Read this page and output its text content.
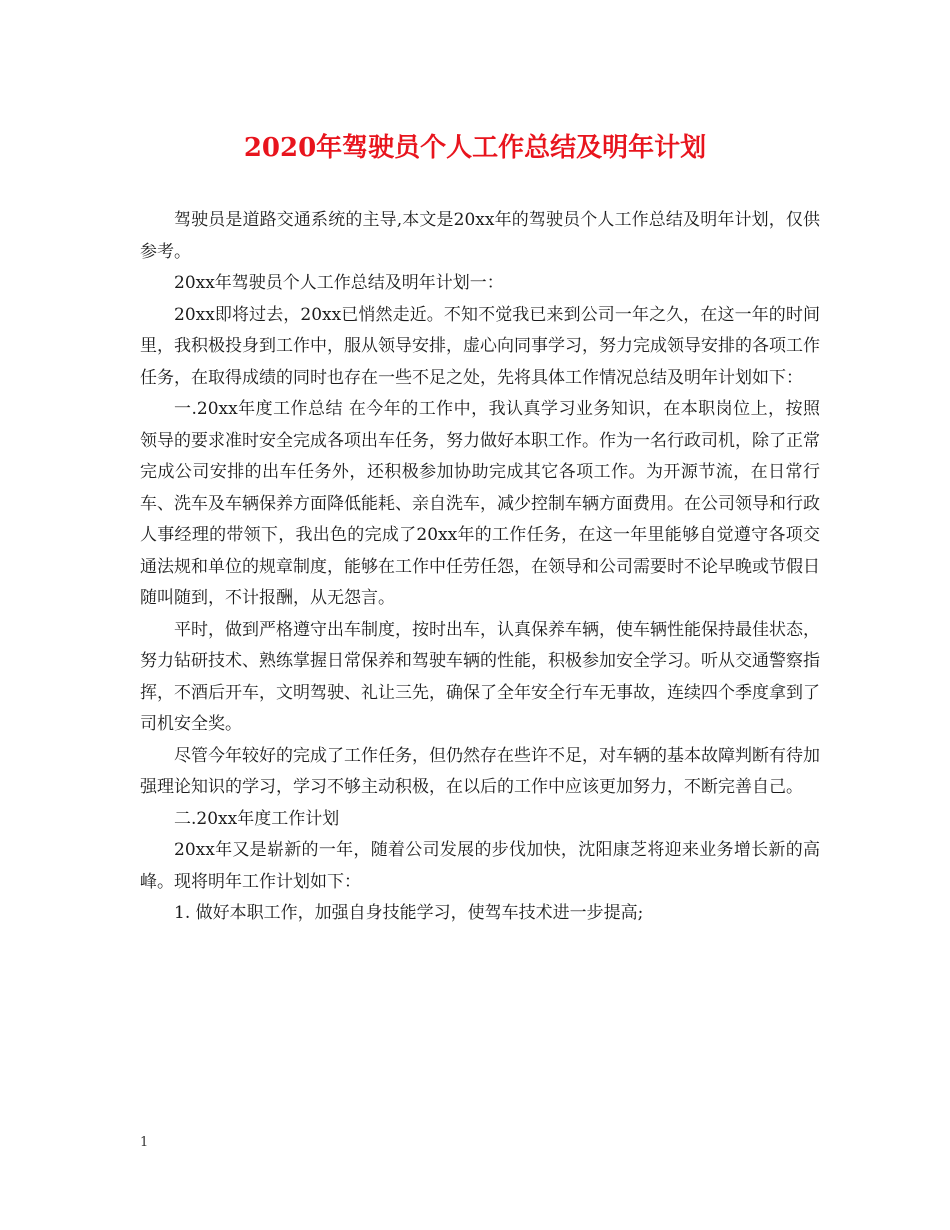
2020年驾驶员个人工作总结及明年计划

驾驶员是道路交通系统的主导,本文是20xx年的驾驶员个人工作总结及明年计划，仅供参考。

20xx年驾驶员个人工作总结及明年计划一：

20xx即将过去，20xx已悄然走近。不知不觉我已来到公司一年之久，在这一年的时间里，我积极投身到工作中，服从领导安排，虚心向同事学习，努力完成领导安排的各项工作任务，在取得成绩的同时也存在一些不足之处，先将具体工作情况总结及明年计划如下：

一.20xx年度工作总结 在今年的工作中，我认真学习业务知识，在本职岗位上，按照领导的要求准时安全完成各项出车任务，努力做好本职工作。作为一名行政司机，除了正常完成公司安排的出车任务外，还积极参加协助完成其它各项工作。为开源节流，在日常行车、洗车及车辆保养方面降低能耗、亲自洗车，减少控制车辆方面费用。在公司领导和行政人事经理的带领下，我出色的完成了20xx年的工作任务，在这一年里能够自觉遵守各项交通法规和单位的规章制度，能够在工作中任劳任怨，在领导和公司需要时不论早晚或节假日随叫随到，不计报酬，从无怨言。

平时，做到严格遵守出车制度，按时出车，认真保养车辆，使车辆性能保持最佳状态，努力钻研技术、熟练掌握日常保养和驾驶车辆的性能，积极参加安全学习。听从交通警察指挥，不酒后开车，文明驾驶、礼让三先，确保了全年安全行车无事故，连续四个季度拿到了司机安全奖。

尽管今年较好的完成了工作任务，但仍然存在些许不足，对车辆的基本故障判断有待加强理论知识的学习，学习不够主动积极，在以后的工作中应该更加努力，不断完善自己。

二.20xx年度工作计划

20xx年又是崭新的一年，随着公司发展的步伐加快，沈阳康芝将迎来业务增长新的高峰。现将明年工作计划如下：

1. 做好本职工作，加强自身技能学习，使驾车技术进一步提高;

1
